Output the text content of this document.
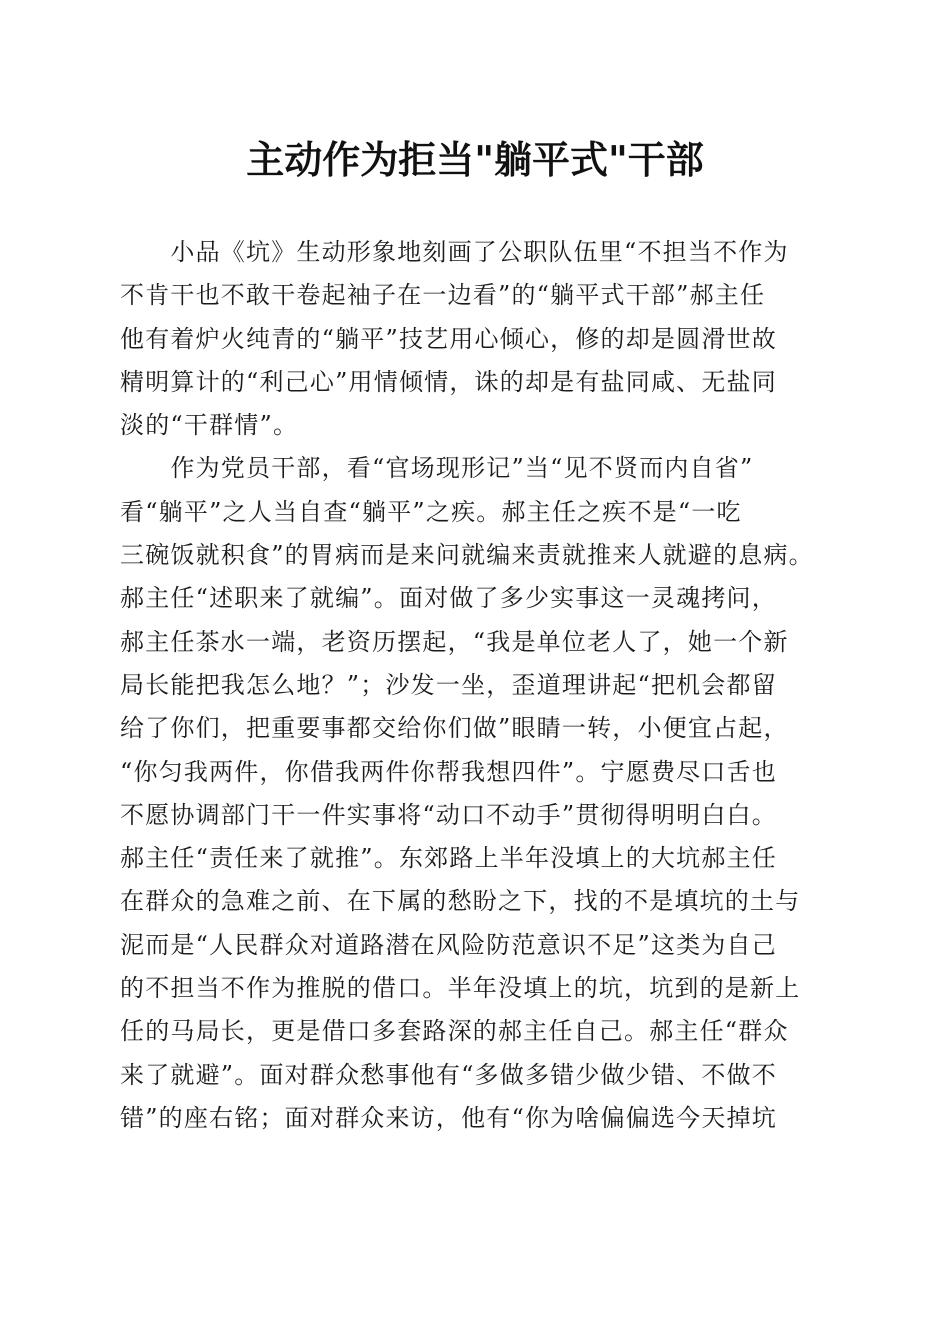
主动作为拒当"躺平式"干部
　　小品《坑》生动形象地刻画了公职队伍里“不担当不作为
不肯干也不敢干卷起袖子在一边看”的“躺平式干部”郝主任
他有着炉火纯青的“躺平”技艺用心倾心，修的却是圆滑世故
精明算计的“利己心”用情倾情，诛的却是有盐同咸、无盐同
淡的“干群情”。
　　作为党员干部，看“官场现形记”当“见不贤而内自省”
看“躺平”之人当自查“躺平”之疾。郝主任之疾不是“一吃
三碗饭就积食”的胃病而是来问就编来责就推来人就避的息病。
郝主任“述职来了就编”。面对做了多少实事这一灵魂拷问，
郝主任茶水一端，老资历摆起，“我是单位老人了，她一个新
局长能把我怎么地？”；沙发一坐，歪道理讲起“把机会都留
给了你们，把重要事都交给你们做”眼睛一转，小便宜占起，
“你匀我两件，你借我两件你帮我想四件”。宁愿费尽口舌也
不愿协调部门干一件实事将“动口不动手”贯彻得明明白白。
郝主任“责任来了就推”。东郊路上半年没填上的大坑郝主任
在群众的急难之前、在下属的愁盼之下，找的不是填坑的土与
泥而是“人民群众对道路潜在风险防范意识不足”这类为自己
的不担当不作为推脱的借口。半年没填上的坑，坑到的是新上
任的马局长，更是借口多套路深的郝主任自己。郝主任“群众
来了就避”。面对群众愁事他有“多做多错少做少错、不做不
错”的座右铭；面对群众来访，他有“你为啥偏偏选今天掉坑
